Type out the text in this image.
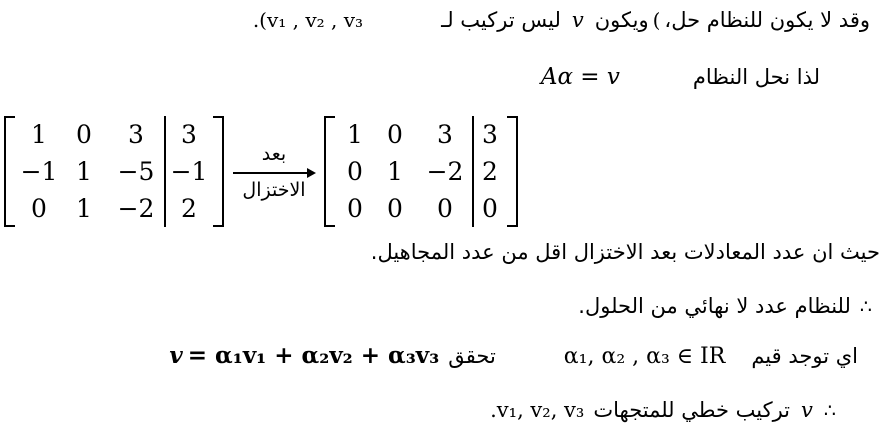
.(v₁ , v₂ , v₃	ليس تركيب لـ v ويكون ( وقد لا يكون للنظام حل،
Aα = v	لذا نحل النظام
1 0 3	3
−1 1 −5 −1
0 1 −2	2
بعد
الاختزال
1 0 3	3
0 1 −2 2
0 0 0	0
حيث ان عدد المعادلات بعد الاختزال اقل من عدد المجاهيل.
للنظام عدد لا نهائي من الحلول. ∴
v = α₁v₁ + α₂v₂ + α₃v₃ تحقق	α₁, α₂ , α₃ ∈ IR اي توجد قيم
.v₁, v₂, v₃ تركيب خطي للمتجهات v ∴
